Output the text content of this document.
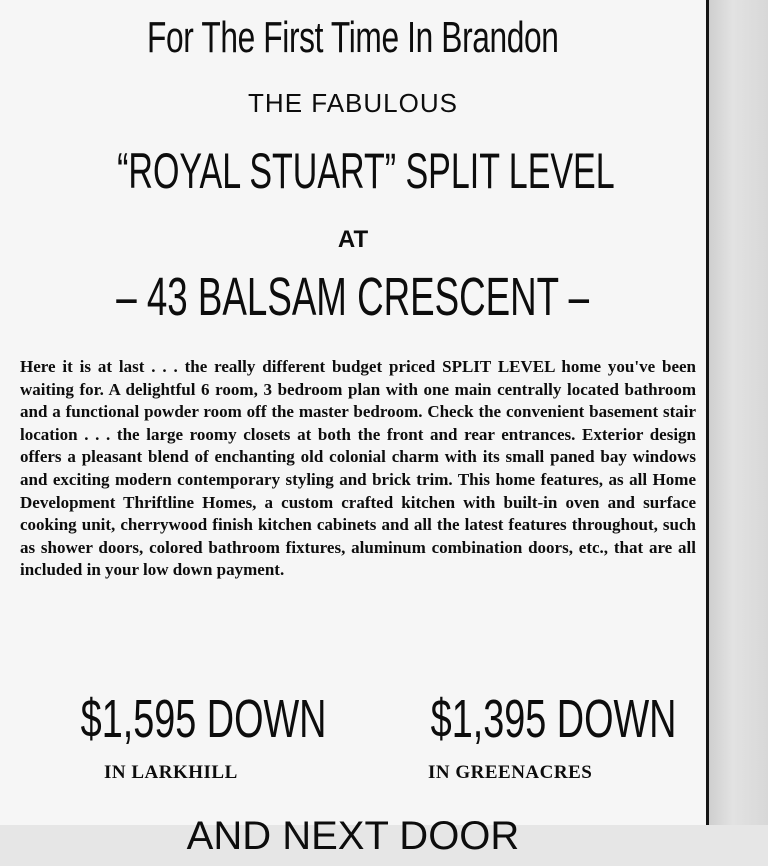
For The First Time In Brandon
THE FABULOUS
“ROYAL STUART” SPLIT LEVEL
AT
– 43 BALSAM CRESCENT –
Here it is at last . . . the really different budget priced SPLIT LEVEL home you've been waiting for. A delightful 6 room, 3 bedroom plan with one main centrally located bathroom and a functional powder room off the master bedroom. Check the convenient basement stair location . . . the large roomy closets at both the front and rear entrances. Exterior design offers a pleasant blend of enchanting old colonial charm with its small paned bay windows and exciting modern contemporary styling and brick trim. This home features, as all Home Development Thriftline Homes, a custom crafted kitchen with built-in oven and surface cooking unit, cherrywood finish kitchen cabinets and all the latest features throughout, such as shower doors, colored bathroom fixtures, aluminum combination doors, etc., that are all included in your low down payment.
$1,595 DOWN	$1,395 DOWN
IN LARKHILL	IN GREENACRES
AND NEXT DOOR
